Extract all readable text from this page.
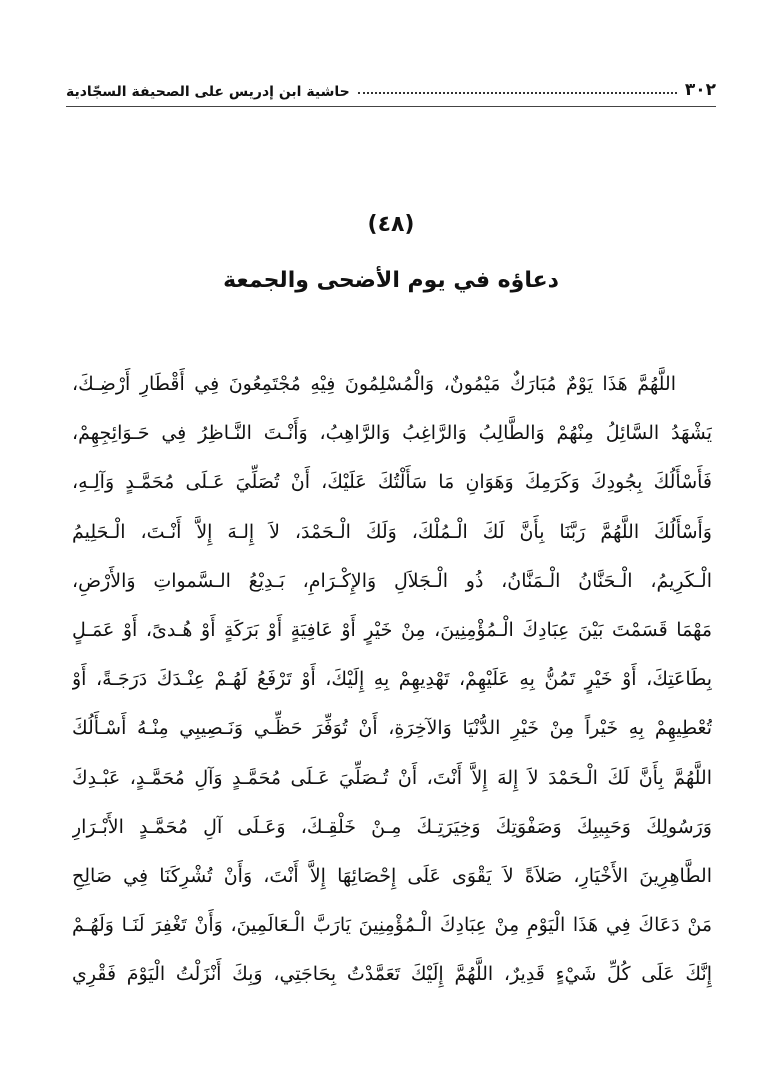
٣٠٢
حاشية ابن إدريس على الصحيفة السجّادية
(٤٨)
دعاؤه في يوم الأضحى والجمعة
اللَّهُمَّ هَذَا يَوْمٌ مُبَارَكٌ مَيْمُونٌ، وَالْمُسْلِمُونَ فِيْهِ مُجْتَمِعُونَ فِي أَقْطَارِ أَرْضِـكَ،
يَشْهَدُ السَّائِلُ مِنْهُمْ وَالطَّالِبُ وَالرَّاغِبُ وَالرَّاهِبُ، وَأَنْـتَ النَّـاظِرُ فِي حَـوَائِجِهِمْ،
فَأَسْأَلُكَ بِجُودِكَ وَكَرَمِكَ وَهَوَانِ مَا سَأَلْتُكَ عَلَيْكَ، أَنْ تُصَلِّيَ عَـلَى مُحَمَّـدٍ وَآلِـهِ،
وَأَسْأَلُكَ اللَّهُمَّ رَبَّنَا بِأَنَّ لَكَ الْـمُلْكَ، وَلَكَ الْـحَمْدَ، لاَ إِلـهَ إِلاَّ أَنْـتَ، الْـحَلِيمُ
الْـكَرِيمُ، الْـحَنَّانُ الْـمَنَّانُ، ذُو الْـجَلاَلِ وَالإِكْـرَامِ، بَـدِيْعُ الـسَّمواتِ وَالأَرْضِ،
مَهْمَا قَسَمْتَ بَيْنَ عِبَادِكَ الْـمُؤْمِنِينَ، مِنْ خَيْرٍ أَوْ عَافِيَةٍ أَوْ بَرَكَةٍ أَوْ هُـدىً، أَوْ عَمَـلٍ
بِطَاعَتِكَ، أَوْ خَيْرٍ تَمُنُّ بِهِ عَلَيْهِمْ، تَهْدِيهِمْ بِهِ إِلَيْكَ، أَوْ تَرْفَعُ لَهُـمْ عِنْـدَكَ دَرَجَـةً، أَوْ
تُعْطِيهِمْ بِهِ خَيْراً مِنْ خَيْرِ الدُّنْيَا وَالآخِرَةِ، أَنْ تُوَفِّرَ حَظِّـي وَنَـصِيبِي مِنْـهُ أَسْـأَلُكَ
اللَّهُمَّ بِأَنَّ لَكَ الْـحَمْدَ لاَ إِلهَ إِلاَّ أَنْتَ، أَنْ تُـصَلِّيَ عَـلَى مُحَمَّـدٍ وَآلِ مُحَمَّـدٍ، عَبْـدِكَ
وَرَسُولِكَ وَحَبِيبِكَ وَصَفْوَتِكَ وَخِيَرَتِـكَ مِـنْ خَلْقِـكَ، وَعَـلَى آلِ مُحَمَّـدٍ الأَبْـرَارِ
الطَّاهِرِينَ الأَخْيَارِ، صَلاَةً لاَ يَقْوَى عَلَى إِحْصَائِهَا إِلاَّ أَنْتَ، وَأَنْ تُشْرِكَنَا فِي صَالِحِ
مَنْ دَعَاكَ فِي هَذَا الْيَوْمِ مِنْ عِبَادِكَ الْـمُؤْمِنِينَ يَارَبَّ الْـعَالَمِينَ، وَأَنْ تَغْفِرَ لَنَـا وَلَهُـمْ
إِنَّكَ عَلَى كُلِّ شَيْءٍ قَدِيرٌ، اللَّهُمَّ إِلَيْكَ تَعَمَّدْتُ بِحَاجَتِي، وَبِكَ أَنْزَلْتُ الْيَوْمَ فَقْرِي
